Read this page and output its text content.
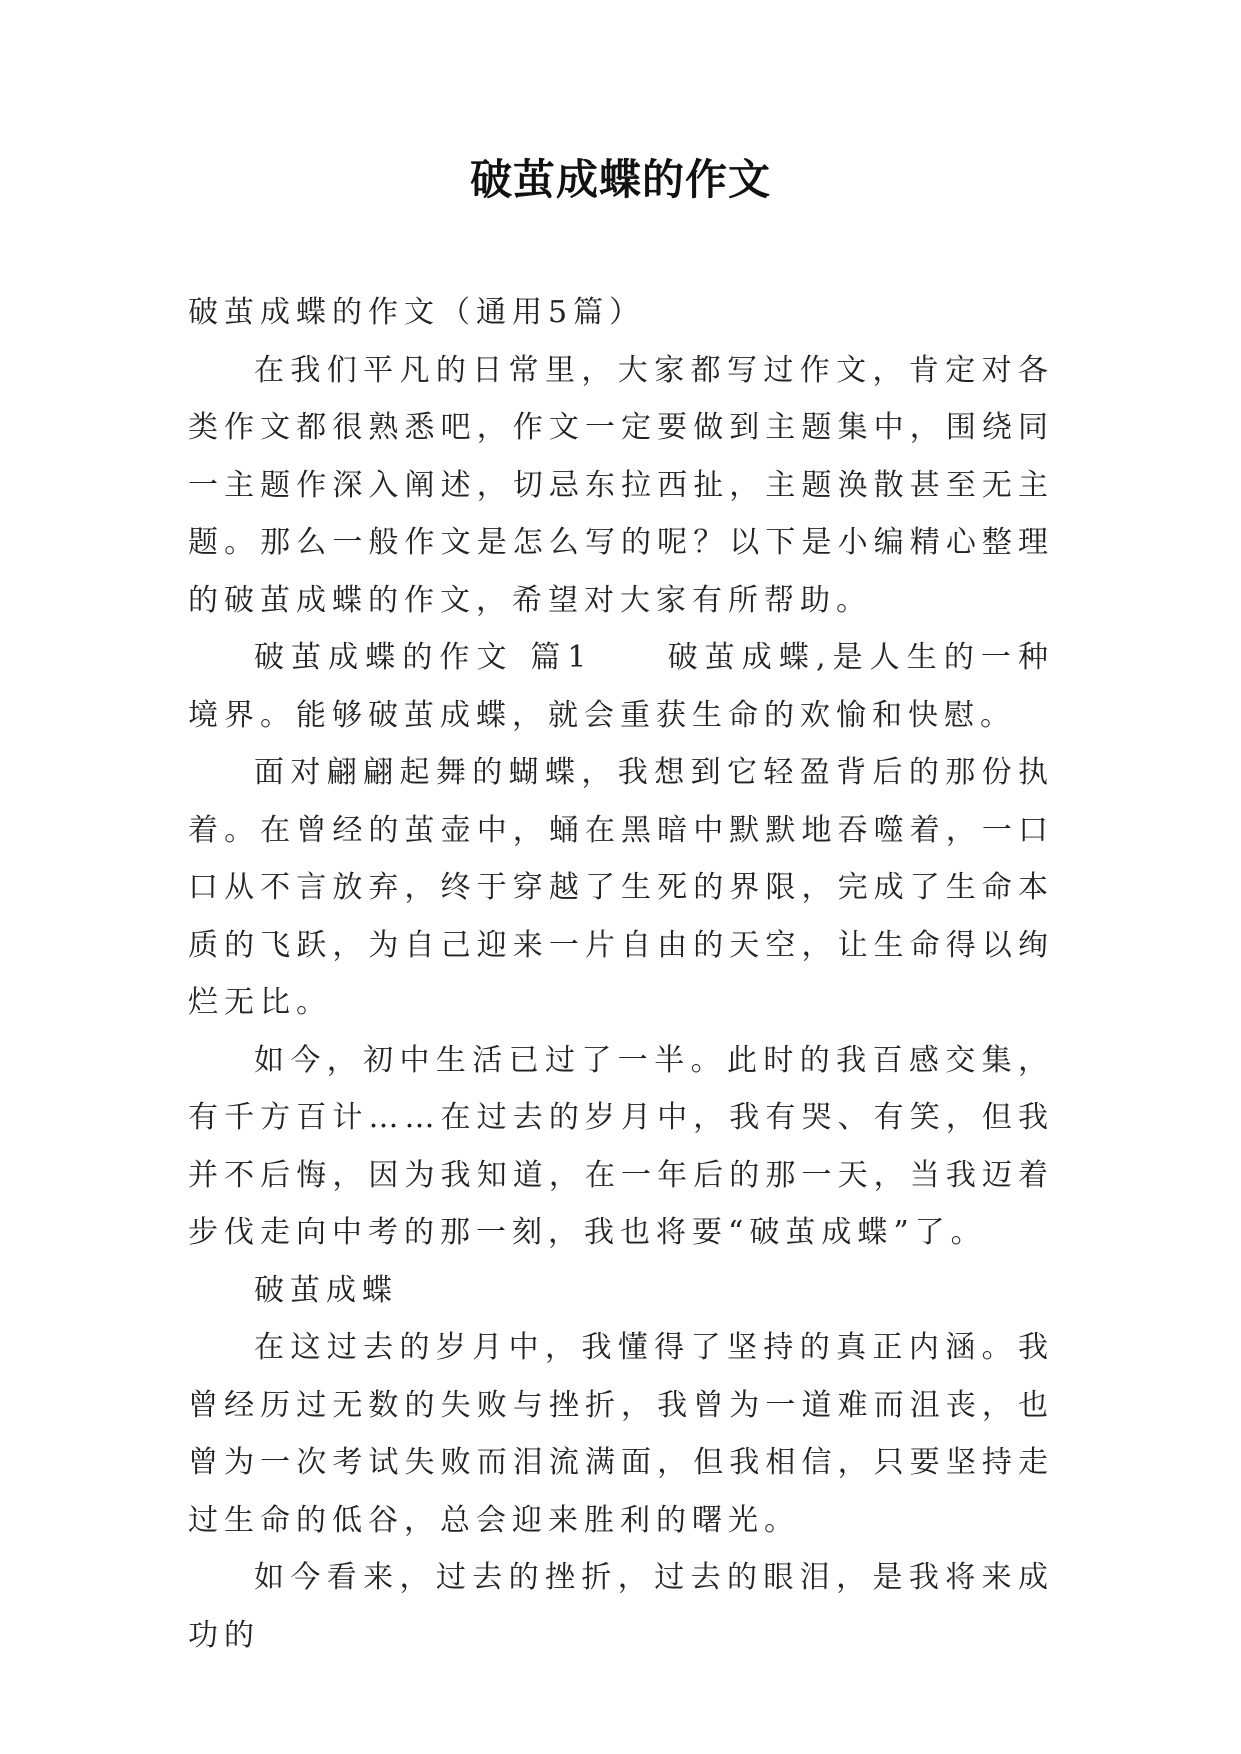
破茧成蝶的作文

破茧成蝶的作文（通用5篇）

在我们平凡的日常里，大家都写过作文，肯定对各类作文都很熟悉吧，作文一定要做到主题集中，围绕同一主题作深入阐述，切忌东拉西扯，主题涣散甚至无主题。那么一般作文是怎么写的呢？以下是小编精心整理的破茧成蝶的作文，希望对大家有所帮助。

破茧成蝶的作文 篇1　　破茧成蝶,是人生的一种境界。能够破茧成蝶，就会重获生命的欢愉和快慰。

面对翩翩起舞的蝴蝶，我想到它轻盈背后的那份执着。在曾经的茧壶中，蛹在黑暗中默默地吞噬着，一口口从不言放弃，终于穿越了生死的界限，完成了生命本质的飞跃，为自己迎来一片自由的天空，让生命得以绚烂无比。

如今，初中生活已过了一半。此时的我百感交集，有千方百计……在过去的岁月中，我有哭、有笑，但我并不后悔，因为我知道，在一年后的那一天，当我迈着步伐走向中考的那一刻，我也将要“破茧成蝶”了。

破茧成蝶

在这过去的岁月中，我懂得了坚持的真正内涵。我曾经历过无数的失败与挫折，我曾为一道难而沮丧，也曾为一次考试失败而泪流满面，但我相信，只要坚持走过生命的低谷，总会迎来胜利的曙光。

如今看来，过去的挫折，过去的眼泪，是我将来成功的
